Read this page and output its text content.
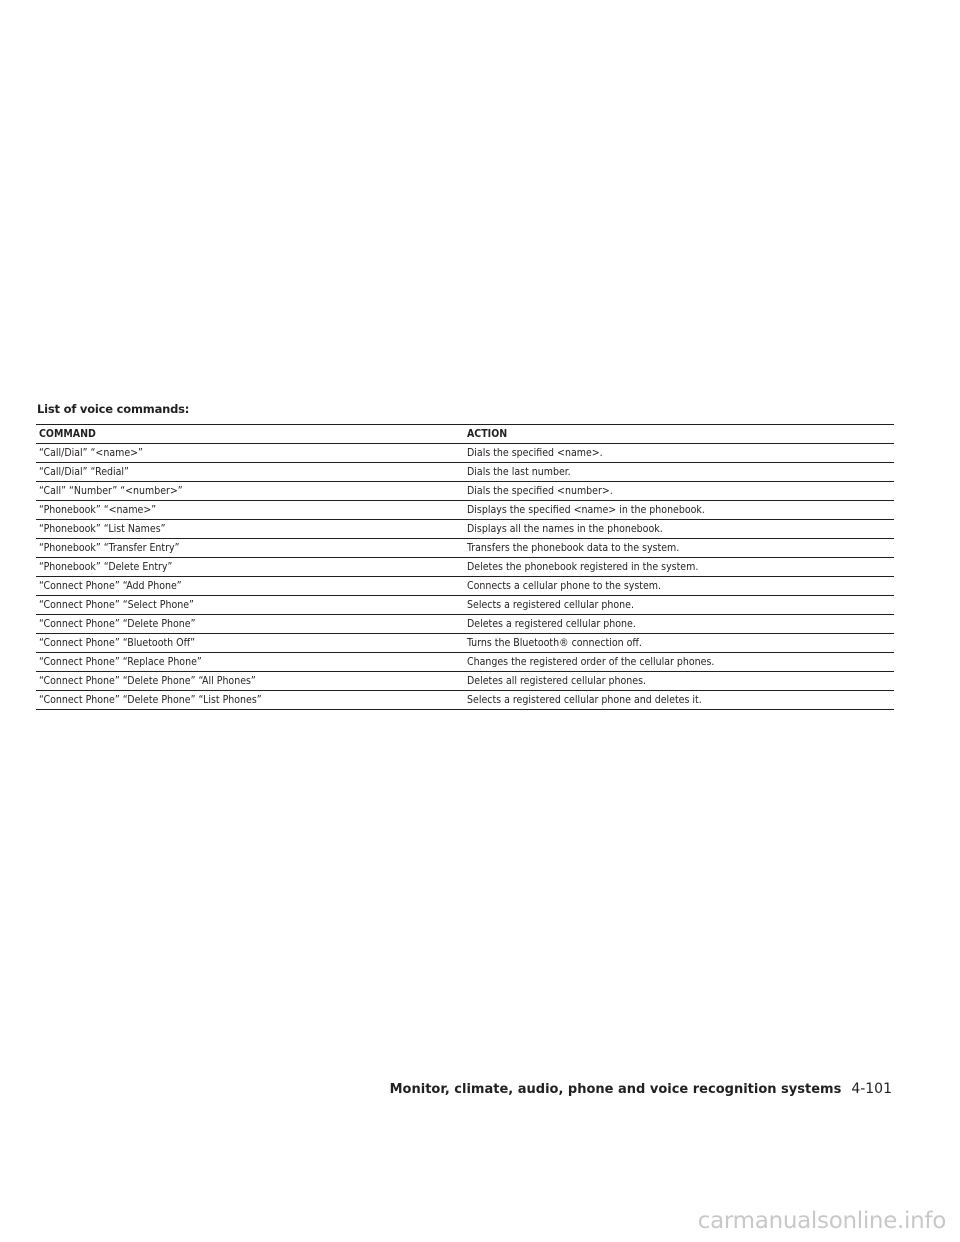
List of voice commands:
COMMAND	ACTION
“Call/Dial” “<name>”	Dials the specified <name>.
“Call/Dial” “Redial”	Dials the last number.
“Call” “Number” “<number>”	Dials the specified <number>.
“Phonebook” “<name>”	Displays the specified <name> in the phonebook.
“Phonebook” “List Names”	Displays all the names in the phonebook.
“Phonebook” “Transfer Entry”	Transfers the phonebook data to the system.
“Phonebook” “Delete Entry”	Deletes the phonebook registered in the system.
“Connect Phone” “Add Phone”	Connects a cellular phone to the system.
“Connect Phone” “Select Phone”	Selects a registered cellular phone.
“Connect Phone” “Delete Phone”	Deletes a registered cellular phone.
“Connect Phone” “Bluetooth Off”	Turns the Bluetooth® connection off.
“Connect Phone” “Replace Phone”	Changes the registered order of the cellular phones.
“Connect Phone” “Delete Phone” “All Phones”	Deletes all registered cellular phones.
“Connect Phone” “Delete Phone” “List Phones”	Selects a registered cellular phone and deletes it.
Monitor, climate, audio, phone and voice recognition systems 4-101
carmanualsonline.info
